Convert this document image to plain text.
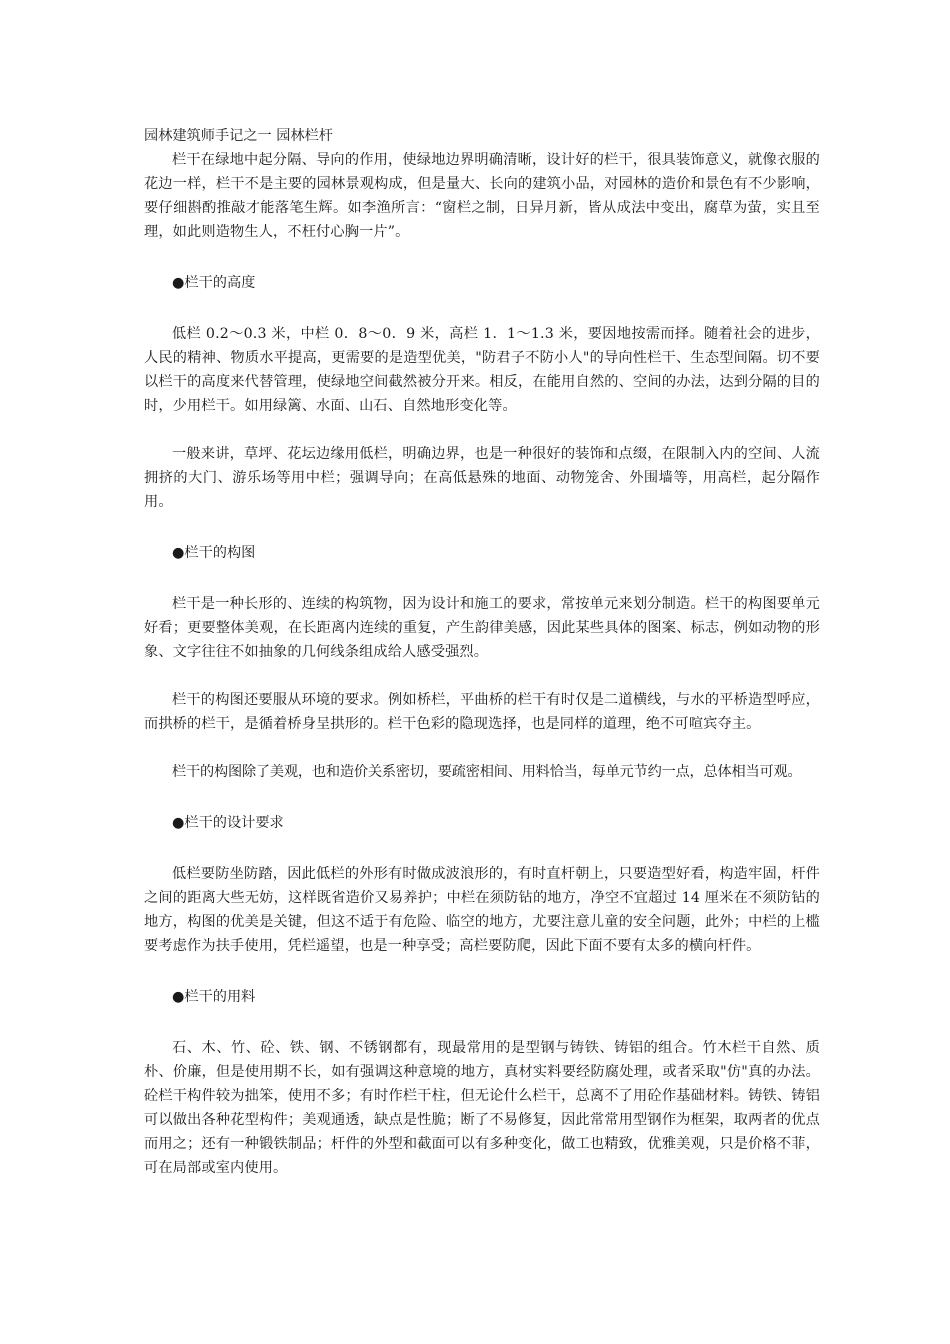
园林建筑师手记之一 园林栏杆

栏干在绿地中起分隔、导向的作用，使绿地边界明确清晰，设计好的栏干，很具装饰意义，就像衣服的花边一样，栏干不是主要的园林景观构成，但是量大、长向的建筑小品，对园林的造价和景色有不少影响，要仔细斟酌推敲才能落笔生辉。如李渔所言：“窗栏之制，日异月新，皆从成法中变出，腐草为萤，实且至理，如此则造物生人，不枉付心胸一片”。

●栏干的高度

低栏 0.2～0.3 米，中栏 0．8～0．9 米，高栏 1．1～1.3 米，要因地按需而择。随着社会的进步，人民的精神、物质水平提高，更需要的是造型优美，"防君子不防小人"的导向性栏干、生态型间隔。切不要以栏干的高度来代替管理，使绿地空间截然被分开来。相反，在能用自然的、空间的办法，达到分隔的目的时，少用栏干。如用绿篱、水面、山石、自然地形变化等。

一般来讲，草坪、花坛边缘用低栏，明确边界，也是一种很好的装饰和点缀，在限制入内的空间、人流拥挤的大门、游乐场等用中栏；强调导向；在高低悬殊的地面、动物笼舍、外围墙等，用高栏，起分隔作用。

●栏干的构图

栏干是一种长形的、连续的构筑物，因为设计和施工的要求，常按单元来划分制造。栏干的构图要单元好看；更要整体美观，在长距离内连续的重复，产生韵律美感，因此某些具体的图案、标志，例如动物的形象、文字往往不如抽象的几何线条组成给人感受强烈。

栏干的构图还要服从环境的要求。例如桥栏，平曲桥的栏干有时仅是二道横线，与水的平桥造型呼应，而拱桥的栏干，是循着桥身呈拱形的。栏干色彩的隐现选择，也是同样的道理，绝不可喧宾夺主。

栏干的构图除了美观，也和造价关系密切，要疏密相间、用料恰当，每单元节约一点，总体相当可观。

●栏干的设计要求

低栏要防坐防踏，因此低栏的外形有时做成波浪形的，有时直杆朝上，只要造型好看，构造牢固，杆件之间的距离大些无妨，这样既省造价又易养护；中栏在须防钻的地方，净空不宜超过 14 厘米在不须防钻的地方，构图的优美是关键，但这不适于有危险、临空的地方，尤要注意儿童的安全问题，此外；中栏的上槛要考虑作为扶手使用，凭栏遥望，也是一种享受；高栏要防爬，因此下面不要有太多的横向杆件。

●栏干的用料

石、木、竹、砼、铁、钢、不锈钢都有，现最常用的是型钢与铸铁、铸铝的组合。竹木栏干自然、质朴、价廉，但是使用期不长，如有强调这种意境的地方，真材实料要经防腐处理，或者采取"仿"真的办法。砼栏干构件较为拙笨，使用不多；有时作栏干柱，但无论什么栏干，总离不了用砼作基础材料。铸铁、铸铝可以做出各种花型构件；美观通透，缺点是性脆；断了不易修复，因此常常用型钢作为框架，取两者的优点而用之；还有一种锻铁制品；杆件的外型和截面可以有多种变化，做工也精致，优雅美观，只是价格不菲，可在局部或室内使用。
